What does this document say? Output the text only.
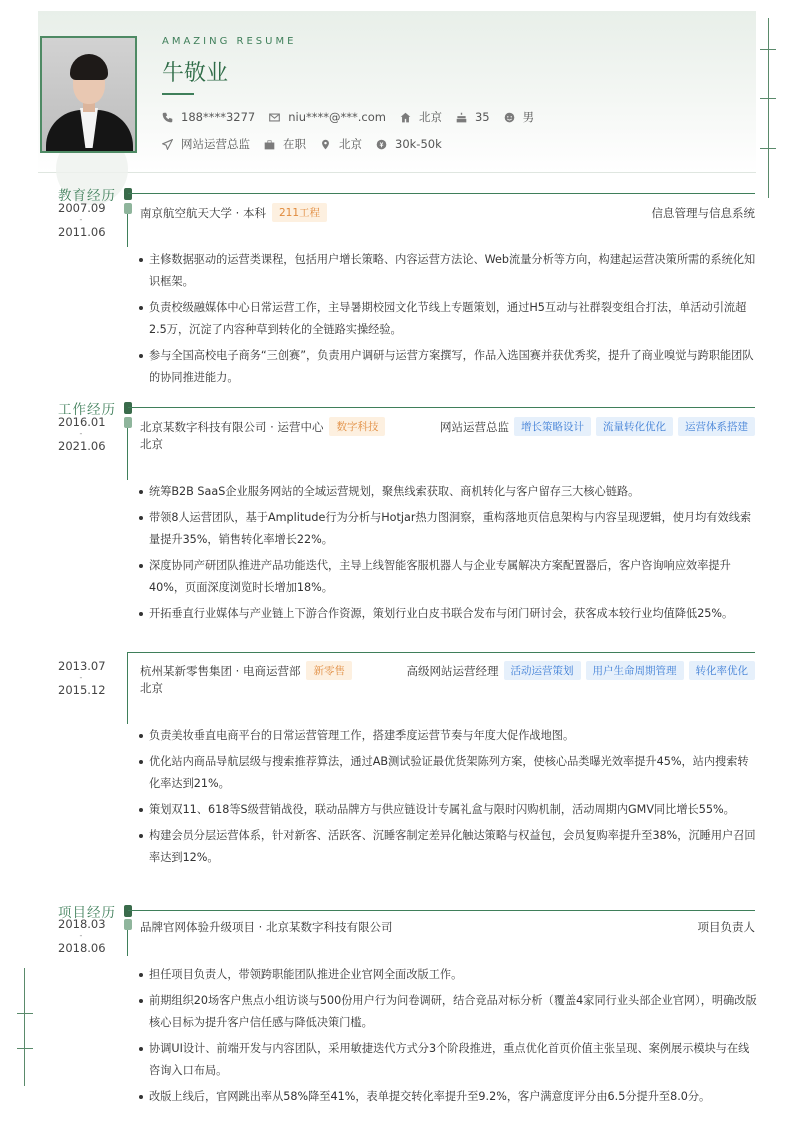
AMAZING RESUME
牛敬业
188****3277	niu****@***.com	北京	35	男
网站运营总监	在职	北京	30k-50k
教育经历
2007.09
-
2011.06
南京航空航天大学 · 本科	211工程	信息管理与信息系统
主修数据驱动的运营类课程，包括用户增长策略、内容运营方法论、Web流量分析等方向，构建起运营决策所需的系统化知识框架。
负责校级融媒体中心日常运营工作，主导暑期校园文化节线上专题策划，通过H5互动与社群裂变组合打法，单活动引流超2.5万，沉淀了内容种草到转化的全链路实操经验。
参与全国高校电子商务“三创赛”，负责用户调研与运营方案撰写，作品入选国赛并获优秀奖，提升了商业嗅觉与跨职能团队的协同推进能力。
工作经历
2016.01
-
2021.06
北京某数字科技有限公司 · 运营中心	数字科技	网站运营总监	增长策略设计	流量转化优化	运营体系搭建
北京
统筹B2B SaaS企业服务网站的全域运营规划，聚焦线索获取、商机转化与客户留存三大核心链路。
带领8人运营团队，基于Amplitude行为分析与Hotjar热力图洞察，重构落地页信息架构与内容呈现逻辑，使月均有效线索量提升35%，销售转化率增长22%。
深度协同产研团队推进产品功能迭代，主导上线智能客服机器人与企业专属解决方案配置器后，客户咨询响应效率提升40%，页面深度浏览时长增加18%。
开拓垂直行业媒体与产业链上下游合作资源，策划行业白皮书联合发布与闭门研讨会，获客成本较行业均值降低25%。
2013.07
-
2015.12
杭州某新零售集团 · 电商运营部	新零售	高级网站运营经理	活动运营策划	用户生命周期管理	转化率优化
北京
负责美妆垂直电商平台的日常运营管理工作，搭建季度运营节奏与年度大促作战地图。
优化站内商品导航层级与搜索推荐算法，通过AB测试验证最优货架陈列方案，使核心品类曝光效率提升45%，站内搜索转化率达到21%。
策划双11、618等S级营销战役，联动品牌方与供应链设计专属礼盒与限时闪购机制，活动周期内GMV同比增长55%。
构建会员分层运营体系，针对新客、活跃客、沉睡客制定差异化触达策略与权益包，会员复购率提升至38%，沉睡用户召回率达到12%。
项目经历
2018.03
-
2018.06
品牌官网体验升级项目 · 北京某数字科技有限公司	项目负责人
担任项目负责人，带领跨职能团队推进企业官网全面改版工作。
前期组织20场客户焦点小组访谈与500份用户行为问卷调研，结合竞品对标分析（覆盖4家同行业头部企业官网），明确改版核心目标为提升客户信任感与降低决策门槛。
协调UI设计、前端开发与内容团队，采用敏捷迭代方式分3个阶段推进，重点优化首页价值主张呈现、案例展示模块与在线咨询入口布局。
改版上线后，官网跳出率从58%降至41%，表单提交转化率提升至9.2%，客户满意度评分由6.5分提升至8.0分。
